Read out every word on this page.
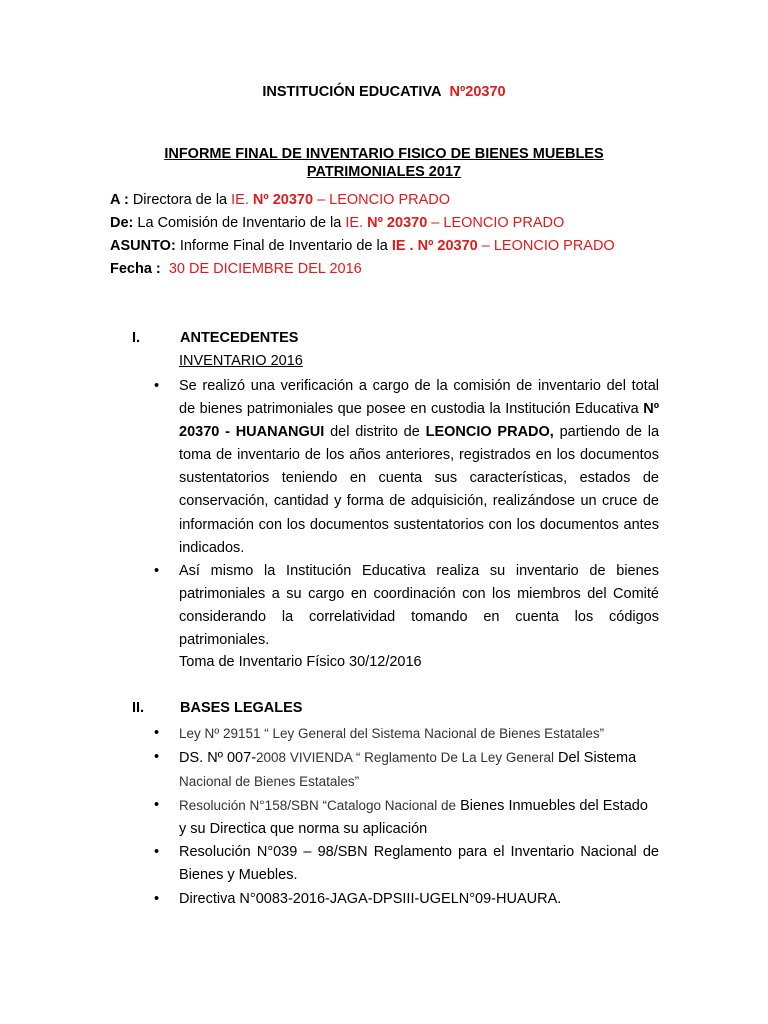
INSTITUCIÓN EDUCATIVA Nº20370
INFORME FINAL DE INVENTARIO FISICO DE BIENES MUEBLES
PATRIMONIALES 2017
A : Directora de la IE. Nº 20370 – LEONCIO PRADO
De: La Comisión de Inventario de la IE. Nº 20370 – LEONCIO PRADO
ASUNTO: Informe Final de Inventario de la IE . Nº 20370 – LEONCIO PRADO
Fecha : 30 DE DICIEMBRE DEL 2016
I.	ANTECEDENTES
INVENTARIO 2016
• Se realizó una verificación a cargo de la comisión de inventario del total de bienes patrimoniales que posee en custodia la Institución Educativa Nº 20370 - HUANANGUI del distrito de LEONCIO PRADO, partiendo de la toma de inventario de los años anteriores, registrados en los documentos sustentatorios teniendo en cuenta sus características, estados de conservación, cantidad y forma de adquisición, realizándose un cruce de información con los documentos sustentatorios con los documentos antes indicados.
• Así mismo la Institución Educativa realiza su inventario de bienes patrimoniales a su cargo en coordinación con los miembros del Comité considerando la correlatividad tomando en cuenta los códigos patrimoniales.
Toma de Inventario Físico 30/12/2016
II. BASES LEGALES
• Ley Nº 29151 “ Ley General del Sistema Nacional de Bienes Estatales”
• DS. Nº 007-2008 VIVIENDA “ Reglamento De La Ley General Del Sistema
Nacional de Bienes Estatales”
• Resolución N°158/SBN “Catalogo Nacional de Bienes Inmuebles del Estado
y su Directica que norma su aplicación
• Resolución N°039 – 98/SBN Reglamento para el Inventario Nacional de Bienes y Muebles.
• Directiva N°0083-2016-JAGA-DPSIII-UGELN°09-HUAURA.
